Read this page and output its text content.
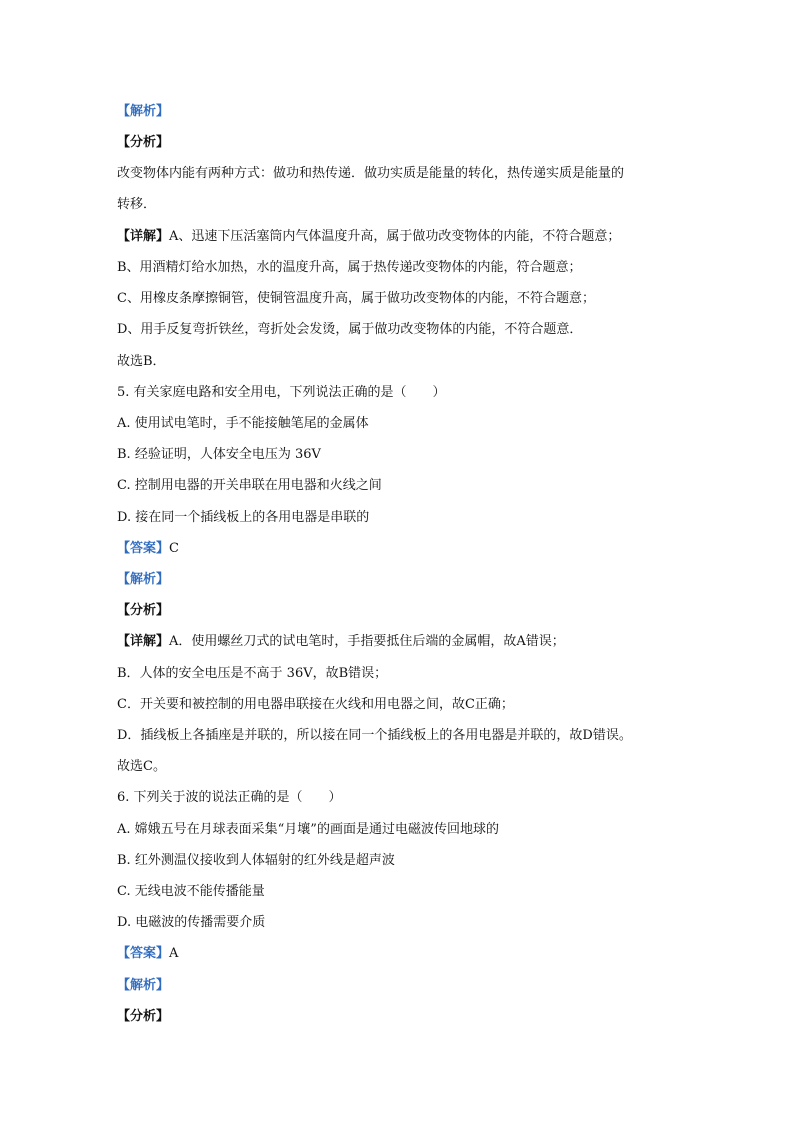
【解析】
【分析】
改变物体内能有两种方式：做功和热传递．做功实质是能量的转化，热传递实质是能量的
转移．
【详解】A、迅速下压活塞筒内气体温度升高，属于做功改变物体的内能，不符合题意；
B、用酒精灯给水加热，水的温度升高，属于热传递改变物体的内能，符合题意；
C、用橡皮条摩擦铜管，使铜管温度升高，属于做功改变物体的内能，不符合题意；
D、用手反复弯折铁丝，弯折处会发烫，属于做功改变物体的内能，不符合题意．
故选B．
5. 有关家庭电路和安全用电，下列说法正确的是（　　）
A. 使用试电笔时，手不能接触笔尾的金属体
B. 经验证明，人体安全电压为 36V
C. 控制用电器的开关串联在用电器和火线之间
D. 接在同一个插线板上的各用电器是串联的
【答案】C
【解析】
【分析】
【详解】A．使用螺丝刀式的试电笔时，手指要抵住后端的金属帽，故A错误；
B．人体的安全电压是不高于 36V，故B错误；
C．开关要和被控制的用电器串联接在火线和用电器之间，故C正确；
D．插线板上各插座是并联的，所以接在同一个插线板上的各用电器是并联的，故D错误。
故选C。
6. 下列关于波的说法正确的是（　　）
A. 嫦娥五号在月球表面采集“月壤”的画面是通过电磁波传回地球的
B. 红外测温仪接收到人体辐射的红外线是超声波
C. 无线电波不能传播能量
D. 电磁波的传播需要介质
【答案】A
【解析】
【分析】
